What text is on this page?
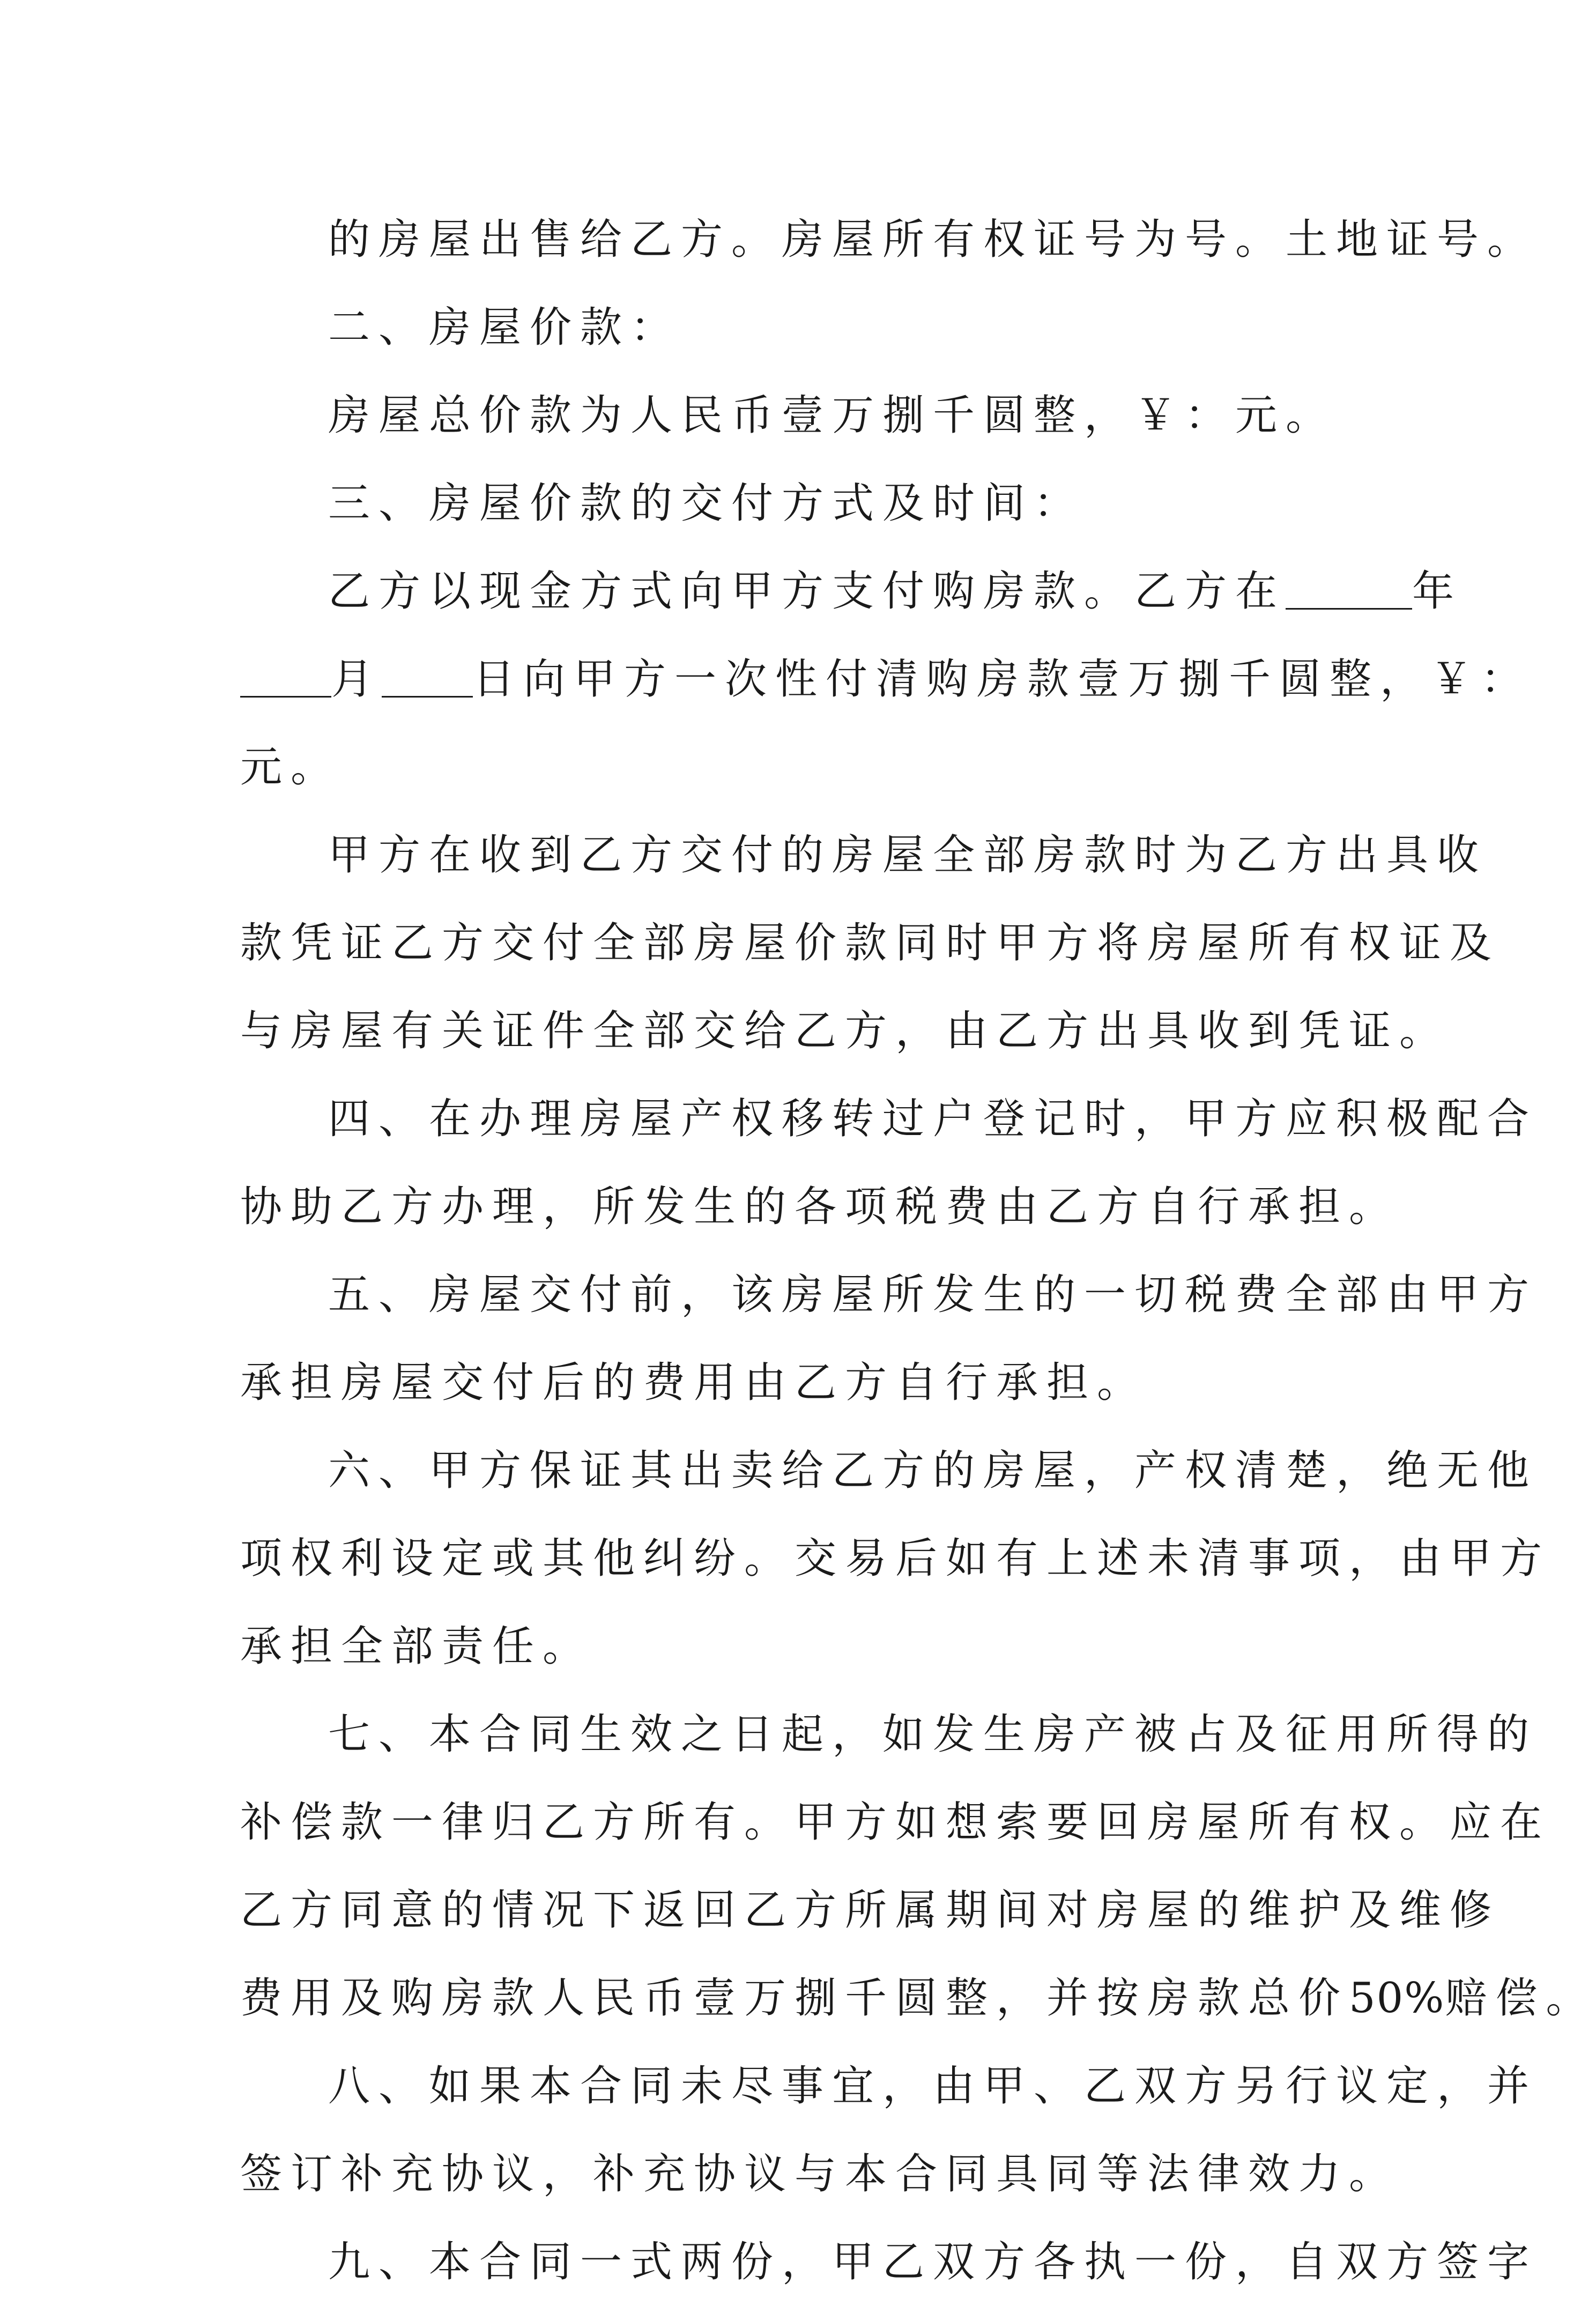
的房屋出售给乙方。房屋所有权证号为号。土地证号。
二、房屋价款：
房屋总价款为人民币壹万捌千圆整，￥：元。
三、房屋价款的交付方式及时间：
乙方以现金方式向甲方支付购房款。乙方在	年
月 日向甲方一次性付清购房款壹万捌千圆整，￥：
元。
甲方在收到乙方交付的房屋全部房款时为乙方出具收
款凭证乙方交付全部房屋价款同时甲方将房屋所有权证及
与房屋有关证件全部交给乙方，由乙方出具收到凭证。
四、在办理房屋产权移转过户登记时，甲方应积极配合
协助乙方办理，所发生的各项税费由乙方自行承担。
五、房屋交付前，该房屋所发生的一切税费全部由甲方
承担房屋交付后的费用由乙方自行承担。
六、甲方保证其出卖给乙方的房屋，产权清楚，绝无他
项权利设定或其他纠纷。交易后如有上述未清事项，由甲方
承担全部责任。
七、本合同生效之日起，如发生房产被占及征用所得的
补偿款一律归乙方所有。甲方如想索要回房屋所有权。应在
乙方同意的情况下返回乙方所属期间对房屋的维护及维修
费用及购房款人民币壹万捌千圆整，并按房款总价50%赔偿。
八、如果本合同未尽事宜，由甲、乙双方另行议定，并
签订补充协议，补充协议与本合同具同等法律效力。
九、本合同一式两份，甲乙双方各执一份，自双方签字
